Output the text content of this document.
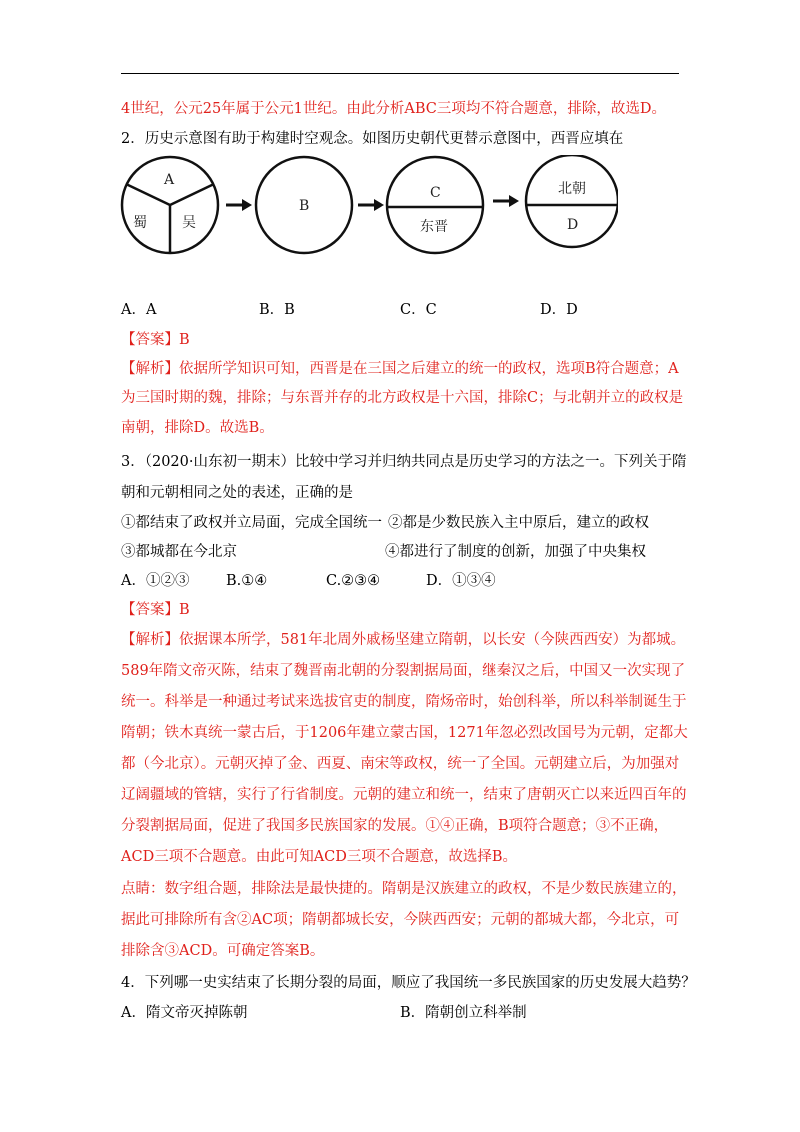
4世纪，公元25年属于公元1世纪。由此分析ABC三项均不符合题意，排除，故选D。
2．历史示意图有助于构建时空观念。如图历史朝代更替示意图中，西晋应填在
A
蜀	吴
B
C
东晋
北朝
D
A．A	B．B	C．C	D．D
【答案】B
【解析】依据所学知识可知，西晋是在三国之后建立的统一的政权，选项B符合题意；A
为三国时期的魏，排除；与东晋并存的北方政权是十六国，排除C；与北朝并立的政权是
南朝，排除D。故选B。
3．（2020·山东初一期末）比较中学习并归纳共同点是历史学习的方法之一。下列关于隋
朝和元朝相同之处的表述，正确的是
①都结束了政权并立局面，完成全国统一 ②都是少数民族入主中原后，建立的政权
③都城都在今北京	④都进行了制度的创新，加强了中央集权
A．①②③	B.①④	C.②③④	D．①③④
【答案】B
【解析】依据课本所学，581年北周外戚杨坚建立隋朝，以长安（今陕西西安）为都城。
589年隋文帝灭陈，结束了魏晋南北朝的分裂割据局面，继秦汉之后，中国又一次实现了
统一。科举是一种通过考试来选拔官吏的制度，隋炀帝时，始创科举，所以科举制诞生于
隋朝；铁木真统一蒙古后，于1206年建立蒙古国，1271年忽必烈改国号为元朝，定都大
都（今北京）。元朝灭掉了金、西夏、南宋等政权，统一了全国。元朝建立后，为加强对
辽阔疆域的管辖，实行了行省制度。元朝的建立和统一，结束了唐朝灭亡以来近四百年的
分裂割据局面，促进了我国多民族国家的发展。①④正确，B项符合题意；③不正确，
ACD三项不合题意。由此可知ACD三项不合题意，故选择B。
点睛：数字组合题，排除法是最快捷的。隋朝是汉族建立的政权，不是少数民族建立的，
据此可排除所有含②AC项；隋朝都城长安，今陕西西安；元朝的都城大都，今北京，可
排除含③ACD。可确定答案B。
4．下列哪一史实结束了长期分裂的局面，顺应了我国统一多民族国家的历史发展大趋势？
A．隋文帝灭掉陈朝	B．隋朝创立科举制
